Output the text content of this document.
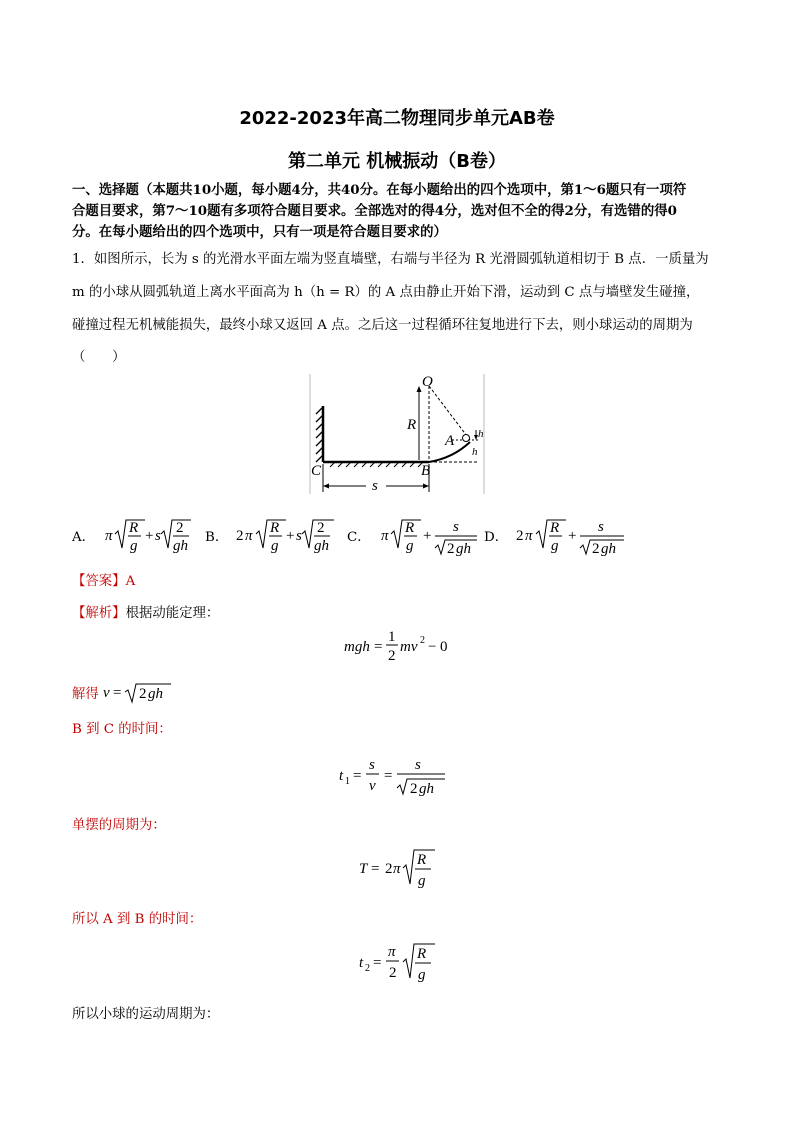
2022-2023年高二物理同步单元AB卷
第二单元 机械振动（B卷）
一、选择题（本题共10小题，每小题4分，共40分。在每小题给出的四个选项中，第1～6题只有一项符
合题目要求，第7～10题有多项符合题目要求。全部选对的得4分，选对但不全的得2分，有选错的得0
分。在每小题给出的四个选项中，只有一项是符合题目要求的）
1．如图所示，长为 s 的光滑水平面左端为竖直墙壁，右端与半径为 R 光滑圆弧轨道相切于 B 点．一质量为
m 的小球从圆弧轨道上离水平面高为 h（h = R）的 A 点由静止开始下滑，运动到 C 点与墙壁发生碰撞，
碰撞过程无机械能损失，最终小球又返回 A 点。之后这一过程循环往复地进行下去，则小球运动的周期为
（　　）
O
R
A h
h
C	B
s
A． π R
g
+ s 2
gh
B． 2 π R
g
+ s 2
gh
C． π R
g
+
s
2 gh
D． 2 π R
g
+
s
2 gh
【答案】A
【解析】根据动能定理：
mgh =
1
2
mv 2 − 0
解得 v = 2 gh
B 到 C 的时间：
t 1 =
s
v
=
s
2 gh
单摆的周期为：
T = 2 π
R
g
所以 A 到 B 的时间：
t 2 =
π
2
R
g
所以小球的运动周期为：
